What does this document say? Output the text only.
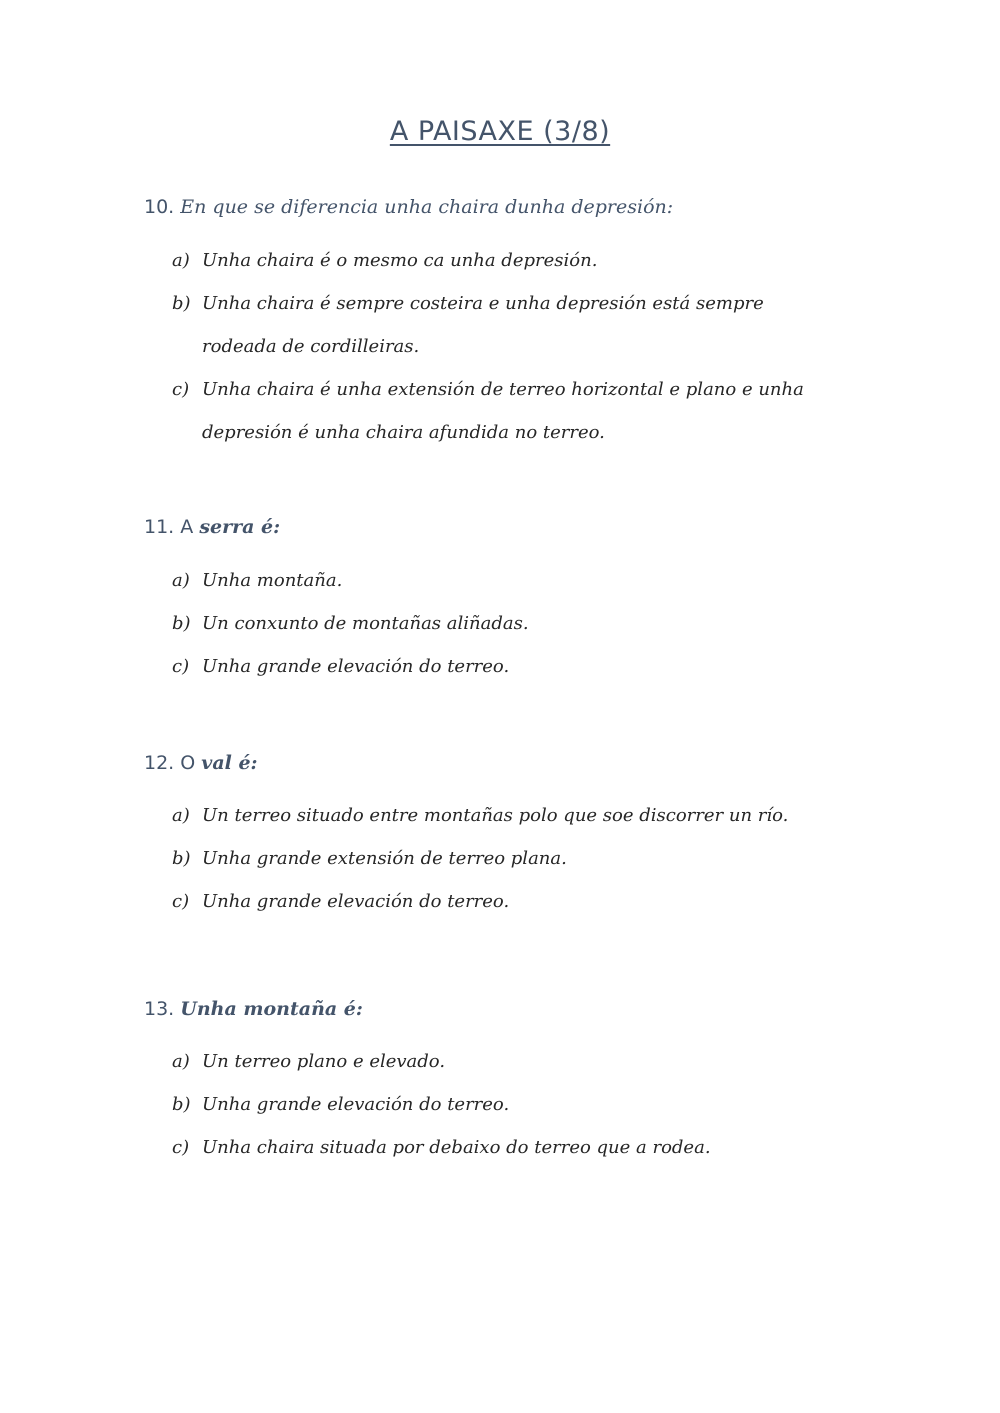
A PAISAXE (3/8)
10. En que se diferencia unha chaira dunha depresión:
a) Unha chaira é o mesmo ca unha depresión.
b) Unha chaira é sempre costeira e unha depresión está sempre
rodeada de cordilleiras.
c) Unha chaira é unha extensión de terreo horizontal e plano e unha
depresión é unha chaira afundida no terreo.
11. A serra é:
a) Unha montaña.
b) Un conxunto de montañas aliñadas.
c) Unha grande elevación do terreo.
12. O val é:
a) Un terreo situado entre montañas polo que soe discorrer un río.
b) Unha grande extensión de terreo plana.
c) Unha grande elevación do terreo.
13. Unha montaña é:
a) Un terreo plano e elevado.
b) Unha grande elevación do terreo.
c) Unha chaira situada por debaixo do terreo que a rodea.
